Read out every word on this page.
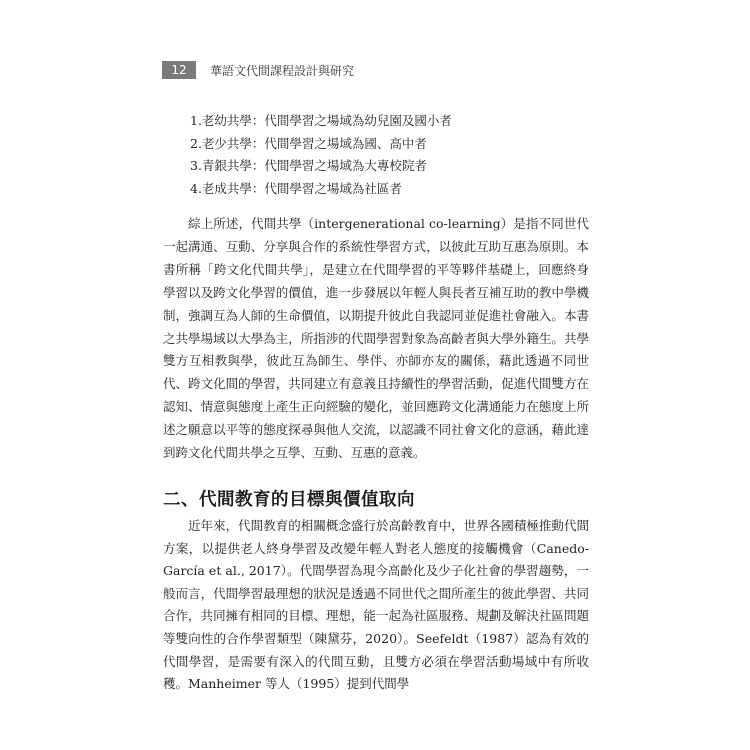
12	華語文代間課程設計與研究
1.老幼共學：代間學習之場域為幼兒園及國小者
2.老少共學：代間學習之場域為國、高中者
3.青銀共學：代間學習之場域為大專校院者
4.老成共學：代間學習之場域為社區者
綜上所述，代間共學（intergenerational co-learning）是指不同世代一起溝通、互動、分享與合作的系統性學習方式，以彼此互助互惠為原則。本書所稱「跨文化代間共學」，是建立在代間學習的平等夥伴基礎上，回應終身學習以及跨文化學習的價值，進一步發展以年輕人與長者互補互助的教中學機制，強調互為人師的生命價值，以期提升彼此自我認同並促進社會融入。本書之共學場域以大學為主，所指涉的代間學習對象為高齡者與大學外籍生。共學雙方互相教與學，彼此互為師生、學伴、亦師亦友的關係，藉此透過不同世代、跨文化間的學習，共同建立有意義且持續性的學習活動，促進代間雙方在認知、情意與態度上產生正向經驗的變化，並回應跨文化溝通能力在態度上所述之願意以平等的態度探尋與他人交流，以認識不同社會文化的意涵，藉此達到跨文化代間共學之互學、互動、互惠的意義。
二、代間教育的目標與價值取向
近年來，代間教育的相關概念盛行於高齡教育中，世界各國積極推動代間方案，以提供老人終身學習及改變年輕人對老人態度的接觸機會（Canedo-García et al., 2017）。代間學習為現今高齡化及少子化社會的學習趨勢，一般而言，代間學習最理想的狀況是透過不同世代之間所產生的彼此學習、共同合作，共同擁有相同的目標、理想，能一起為社區服務、規劃及解決社區問題等雙向性的合作學習類型（陳黛芬，2020）。Seefeldt（1987）認為有效的代間學習，是需要有深入的代間互動，且雙方必須在學習活動場域中有所收穫。Manheimer 等人（1995）提到代間學
